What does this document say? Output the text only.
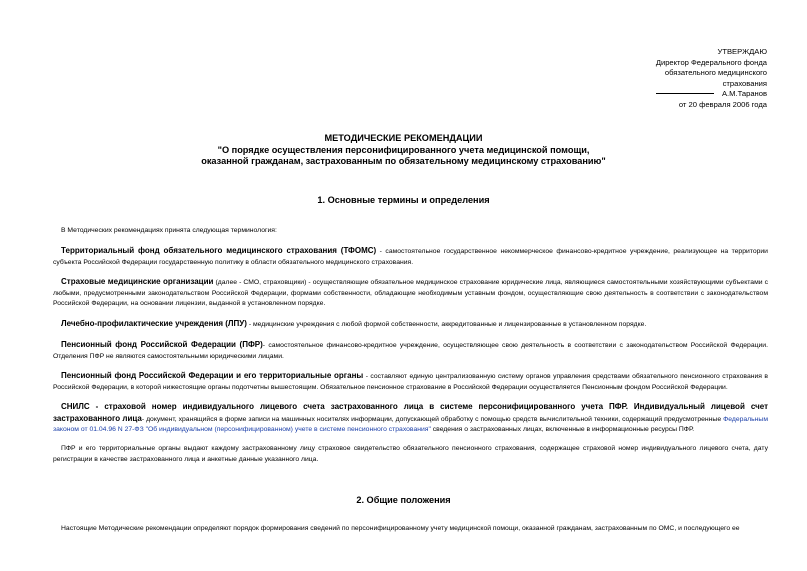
УТВЕРЖДАЮ
Директор Федерального фонда
обязательного медицинского
страхования
А.М.Таранов
от 20 февраля 2006 года
МЕТОДИЧЕСКИЕ РЕКОМЕНДАЦИИ
"О порядке осуществления персонифицированного учета медицинской помощи,
оказанной гражданам, застрахованным по обязательному медицинскому страхованию"
1. Основные термины и определения
В Методических рекомендациях принята следующая терминология:
Территориальный фонд обязательного медицинского страхования (ТФОМС) - самостоятельное государственное некоммерческое финансово-кредитное учреждение, реализующее на территории субъекта Российской Федерации государственную политику в области обязательного медицинского страхования.
Страховые медицинские организации (далее - СМО, страховщики) - осуществляющие обязательное медицинское страхование юридические лица, являющиеся самостоятельными хозяйствующими субъектами с любыми, предусмотренными законодательством Российской Федерации, формами собственности, обладающие необходимым уставным фондом, осуществляющие свою деятельность в соответствии с законодательством Российской Федерации, на основании лицензии, выданной в установленном порядке.
Лечебно-профилактические учреждения (ЛПУ) - медицинские учреждения с любой формой собственности, аккредитованные и лицензированные в установленном порядке.
Пенсионный фонд Российской Федерации (ПФР)- самостоятельное финансово-кредитное учреждение, осуществляющее свою деятельность в соответствии с законодательством Российской Федерации. Отделения ПФР не являются самостоятельными юридическими лицами.
Пенсионный фонд Российской Федерации и его территориальные органы - составляют единую централизованную систему органов управления средствами обязательного пенсионного страхования в Российской Федерации, в которой нижестоящие органы подотчетны вышестоящим. Обязательное пенсионное страхование в Российской Федерации осуществляется Пенсионным фондом Российской Федерации.
СНИЛС - страховой номер индивидуального лицевого счета застрахованного лица в системе персонифицированного учета ПФР. Индивидуальный лицевой счет застрахованного лица- документ, хранящийся в форме записи на машинных носителях информации, допускающей обработку с помощью средств вычислительной техники, содержащий предусмотренные Федеральным законом от 01.04.96 N 27-ФЗ "Об индивидуальном (персонифицированном) учете в системе пенсионного страхования" сведения о застрахованных лицах, включенные в информационные ресурсы ПФР.
ПФР и его территориальные органы выдают каждому застрахованному лицу страховое свидетельство обязательного пенсионного страхования, содержащее страховой номер индивидуального лицевого счета, дату регистрации в качестве застрахованного лица и анкетные данные указанного лица.
2. Общие положения
Настоящие Методические рекомендации определяют порядок формирования сведений по персонифицированному учету медицинской помощи, оказанной гражданам, застрахованным по ОМС, и последующего ее
